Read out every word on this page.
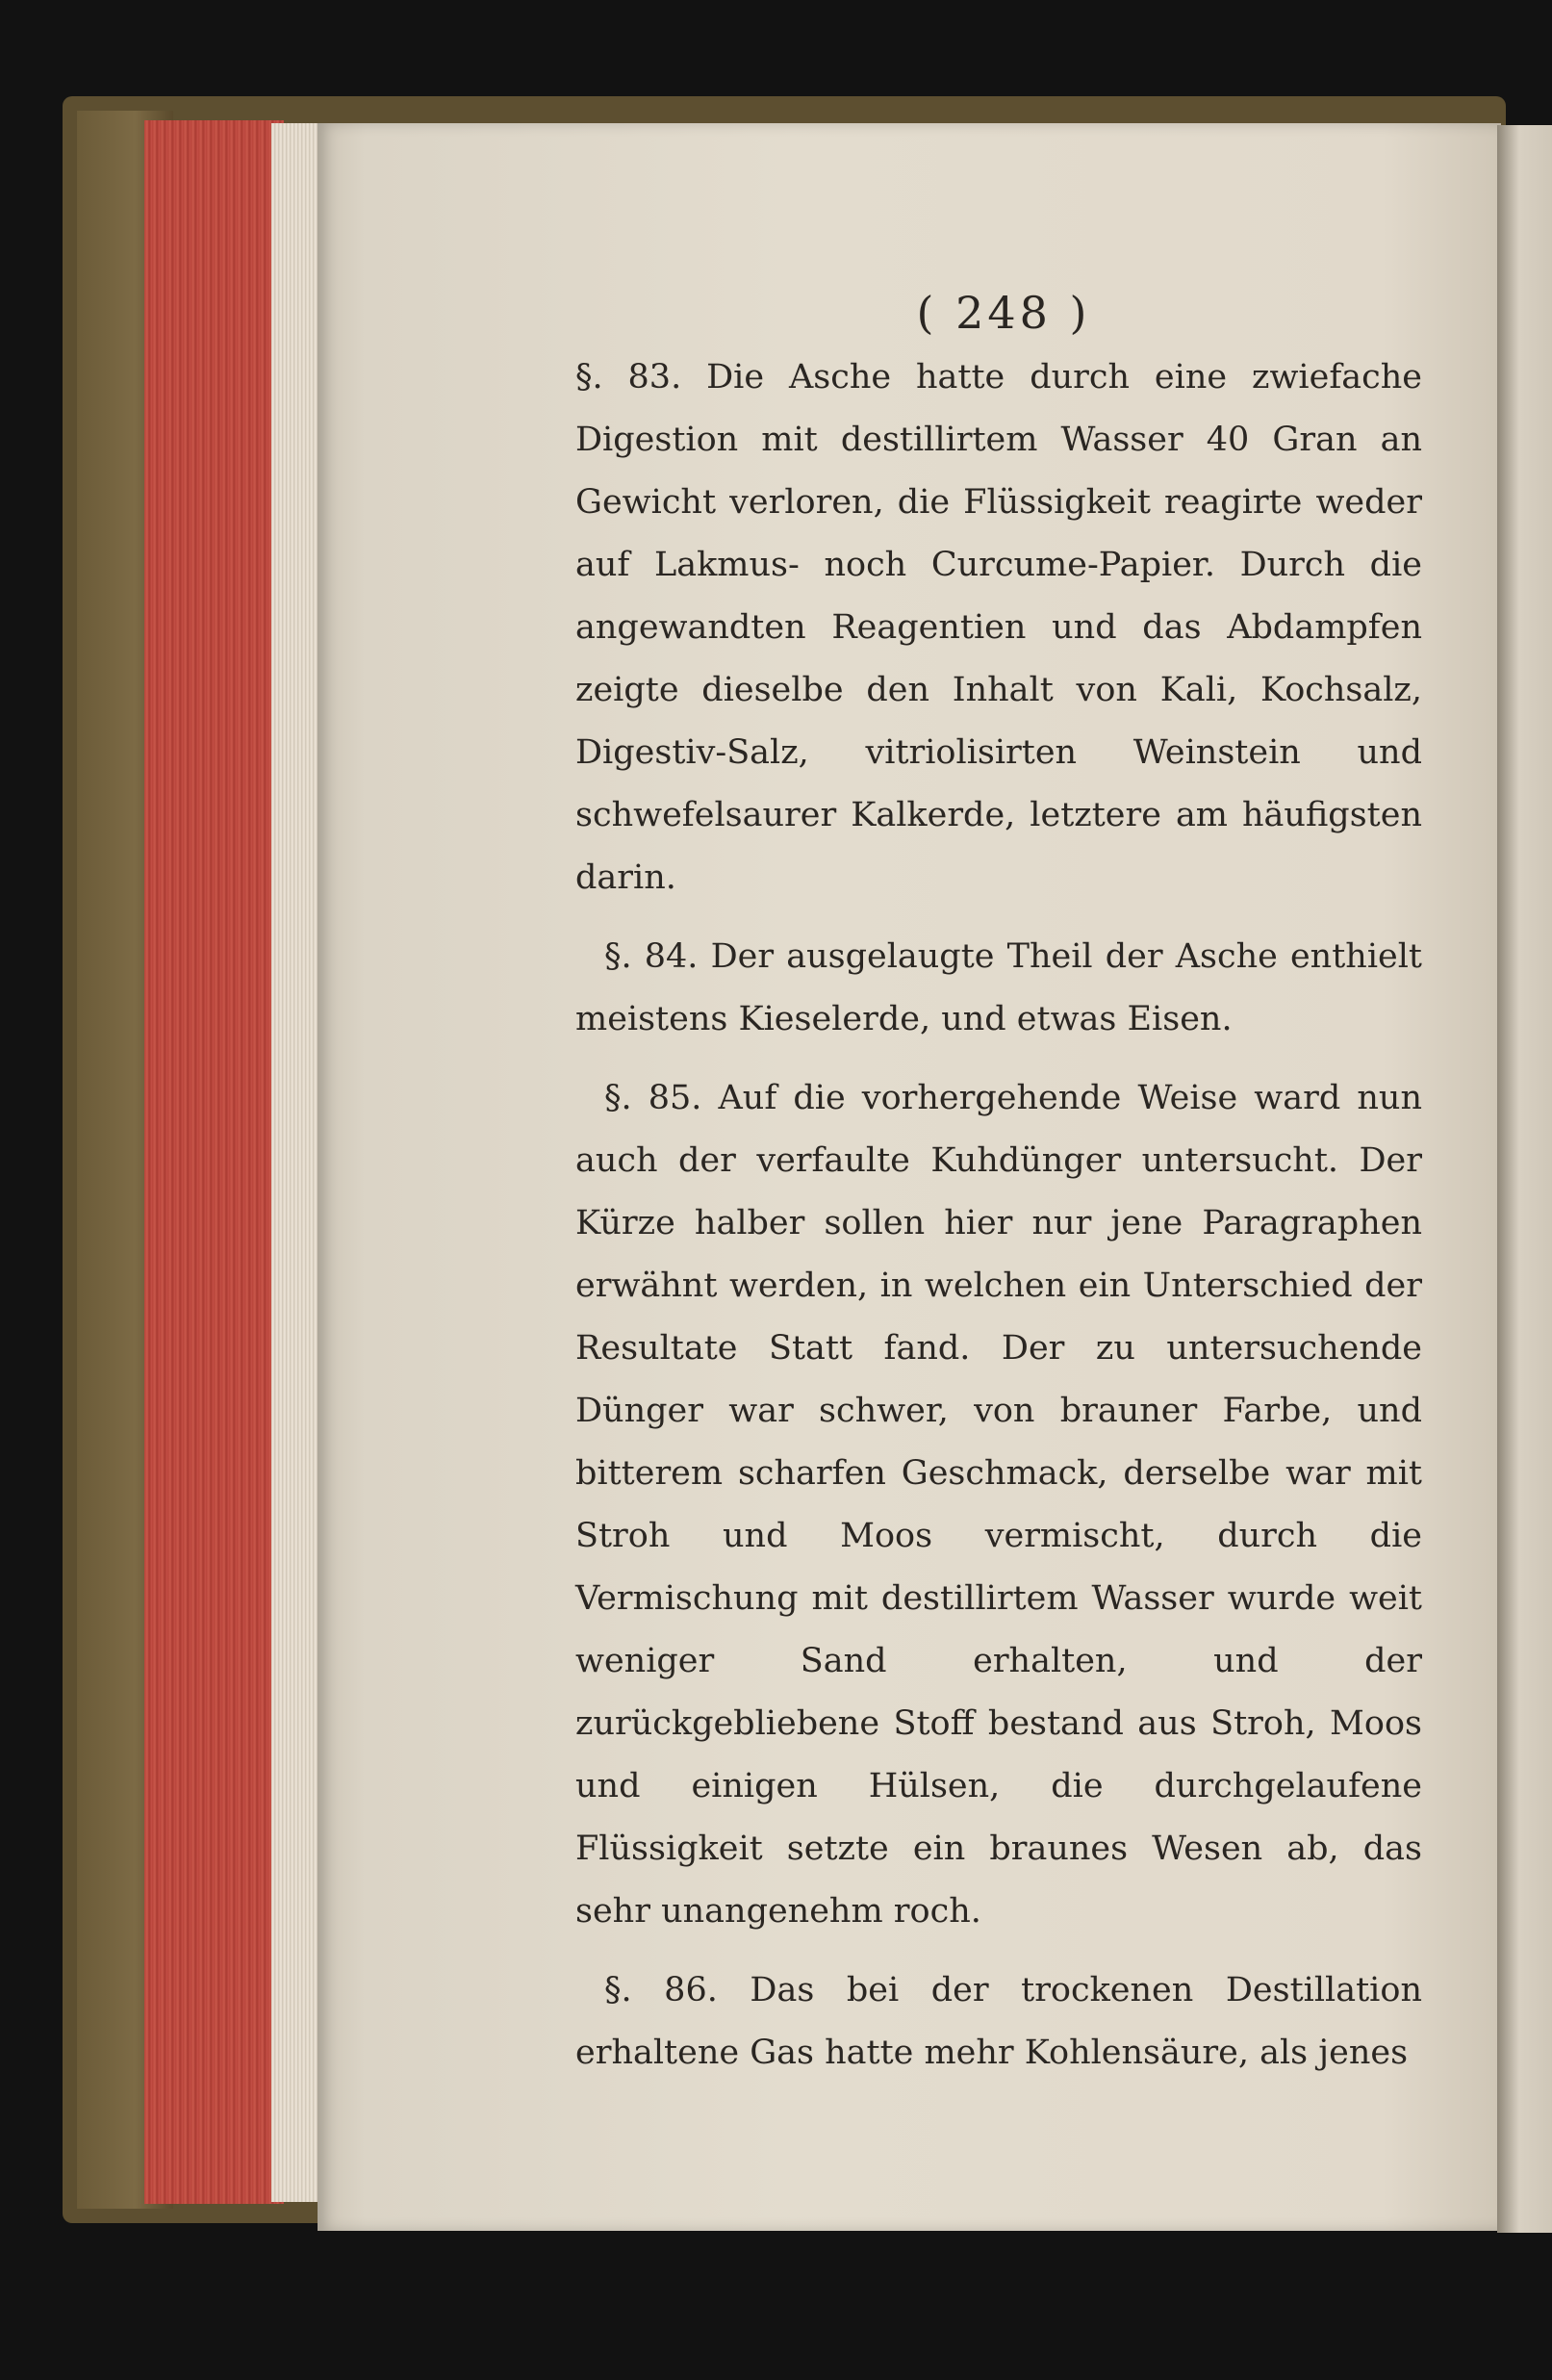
( 248 )

§. 83. Die Asche hatte durch eine zwiefache Digestion mit destillirtem Wasser 40 Gran an Gewicht verloren, die Flüssigkeit reagirte weder auf Lakmus- noch Curcume-Papier. Durch die angewandten Reagentien und das Abdampfen zeigte dieselbe den Inhalt von Kali, Kochsalz, Digestiv-Salz, vitriolisirten Weinstein und schwefelsaurer Kalkerde, letztere am häufigsten darin.

§. 84. Der ausgelaugte Theil der Asche enthielt meistens Kieselerde, und etwas Eisen.

§. 85. Auf die vorhergehende Weise ward nun auch der verfaulte Kuhdünger untersucht. Der Kürze halber sollen hier nur jene Paragraphen erwähnt werden, in welchen ein Unterschied der Resultate Statt fand. Der zu untersuchende Dünger war schwer, von brauner Farbe, und bitterem scharfen Geschmack, derselbe war mit Stroh und Moos vermischt, durch die Vermischung mit destillirtem Wasser wurde weit weniger Sand erhalten, und der zurückgebliebene Stoff bestand aus Stroh, Moos und einigen Hülsen, die durchgelaufene Flüssigkeit setzte ein braunes Wesen ab, das sehr unangenehm roch.

§. 86. Das bei der trockenen Destillation erhaltene Gas hatte mehr Kohlensäure, als jenes
